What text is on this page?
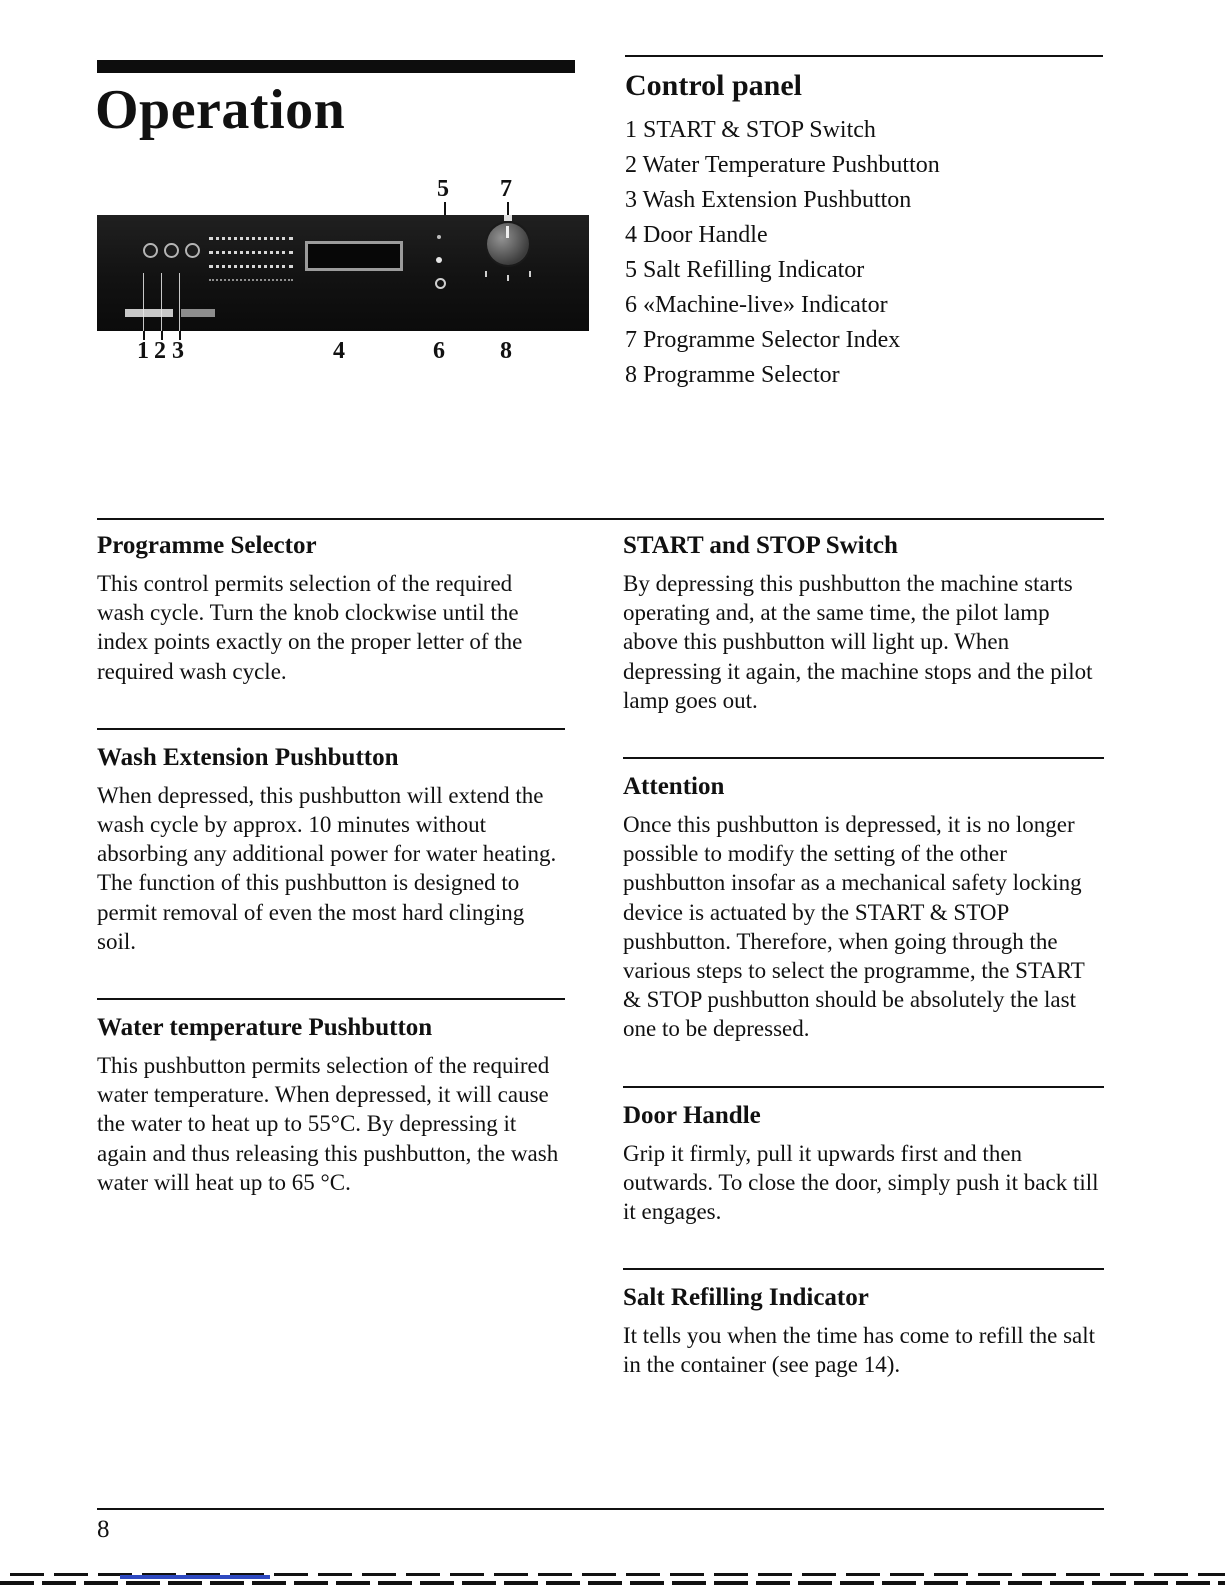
Operation
5 7
1 2 3	4	6 8
Control panel
1 START & STOP Switch
2 Water Temperature Pushbutton
3 Wash Extension Pushbutton
4 Door Handle
5 Salt Refilling Indicator
6 «Machine-live» Indicator
7 Programme Selector Index
8 Programme Selector
Programme Selector

This control permits selection of the required wash cycle. Turn the knob clockwise until the index points exactly on the proper letter of the required wash cycle.

Wash Extension Pushbutton

When depressed, this pushbutton will extend the wash cycle by approx. 10 minutes without absorbing any additional power for water heating. The function of this pushbutton is designed to permit removal of even the most hard clinging soil.

Water temperature Pushbutton

This pushbutton permits selection of the required water temperature. When depressed, it will cause the water to heat up to 55°C. By depressing it again and thus releasing this pushbutton, the wash water will heat up to 65 °C.

START and STOP Switch

By depressing this pushbutton the machine starts operating and, at the same time, the pilot lamp above this pushbutton will light up. When depressing it again, the machine stops and the pilot lamp goes out.

Attention

Once this pushbutton is depressed, it is no longer possible to modify the setting of the other pushbutton insofar as a mechanical safety locking device is actuated by the START & STOP pushbutton. Therefore, when going through the various steps to select the programme, the START & STOP pushbutton should be absolutely the last one to be depressed.

Door Handle

Grip it firmly, pull it upwards first and then outwards. To close the door, simply push it back till it engages.

Salt Refilling Indicator

It tells you when the time has come to refill the salt in the container (see page 14).

8
